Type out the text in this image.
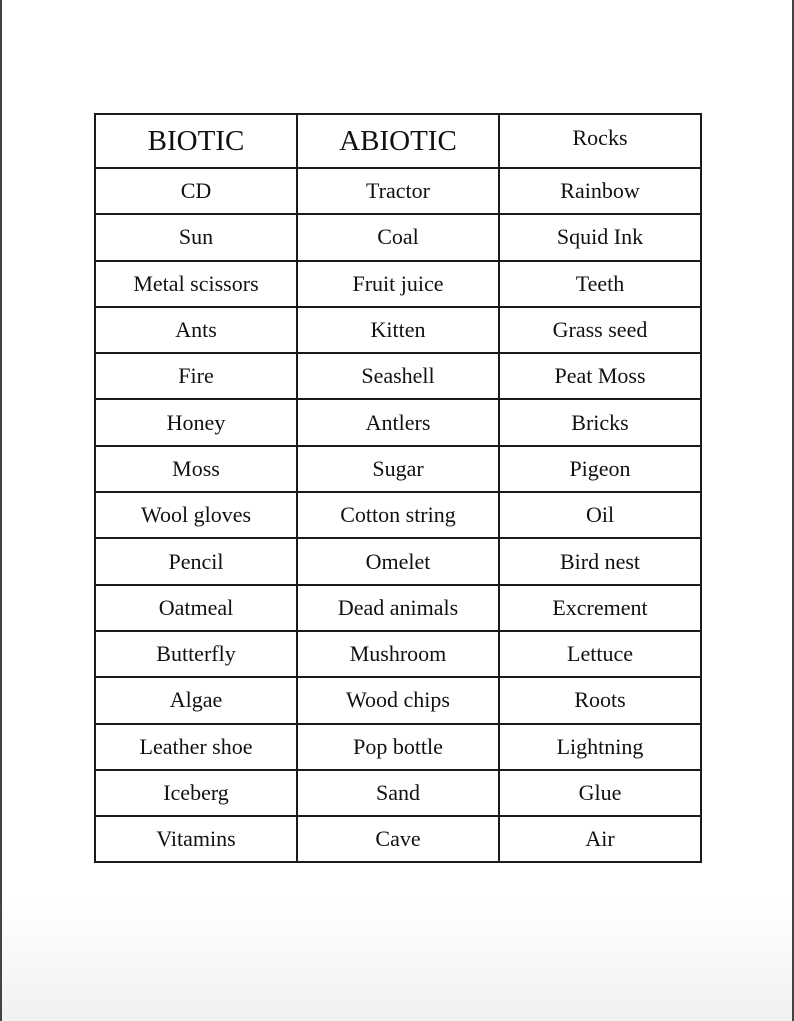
BIOTIC	ABIOTIC	Rocks
CD	Tractor	Rainbow
Sun	Coal	Squid Ink
Metal scissors	Fruit juice	Teeth
Ants	Kitten	Grass seed
Fire	Seashell	Peat Moss
Honey	Antlers	Bricks
Moss	Sugar	Pigeon
Wool gloves	Cotton string	Oil
Pencil	Omelet	Bird nest
Oatmeal	Dead animals	Excrement
Butterfly	Mushroom	Lettuce
Algae	Wood chips	Roots
Leather shoe	Pop bottle	Lightning
Iceberg	Sand	Glue
Vitamins	Cave	Air
